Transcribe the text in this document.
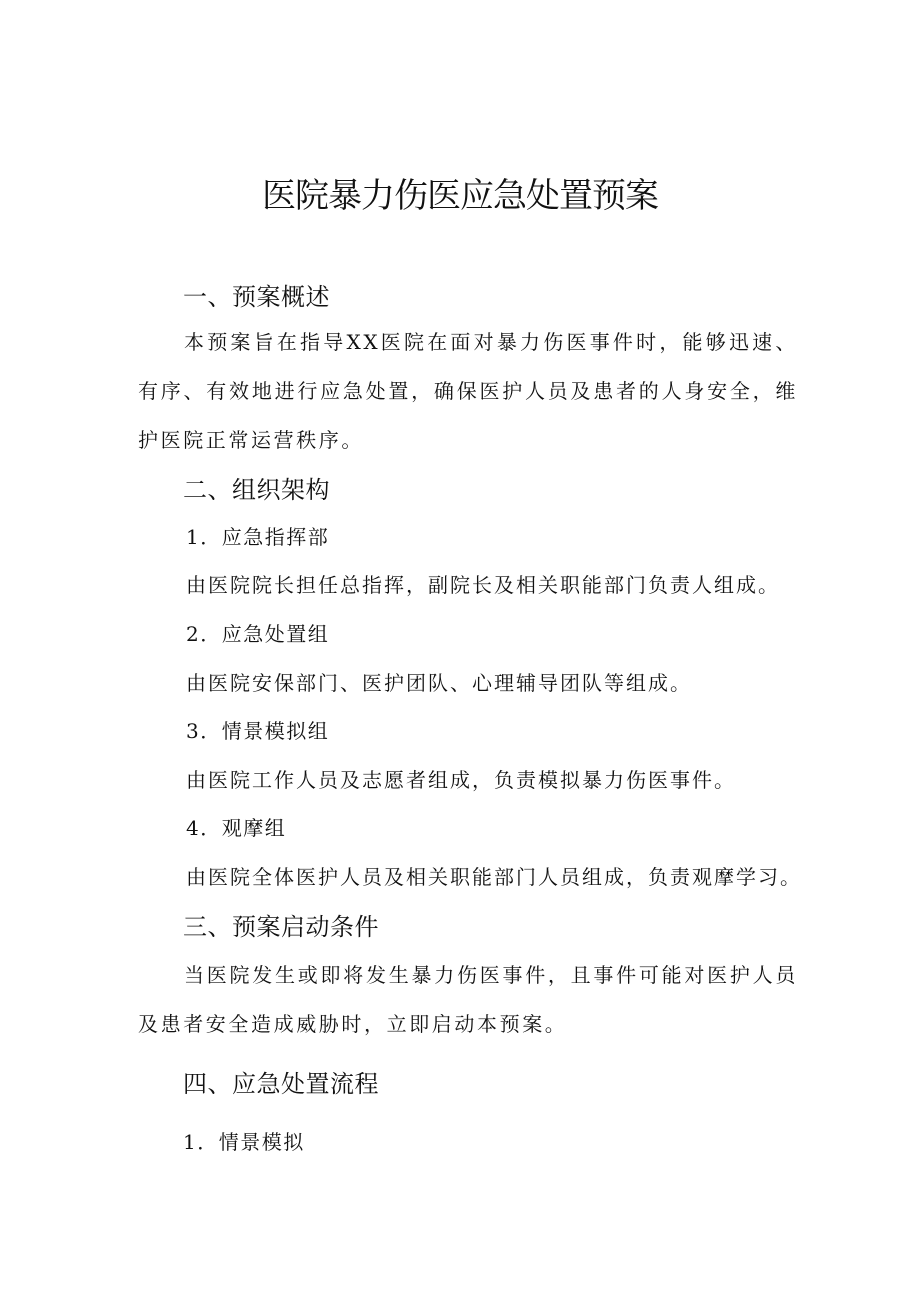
医院暴力伤医应急处置预案
一、预案概述

本预案旨在指导XX医院在面对暴力伤医事件时，能够迅速、有序、有效地进行应急处置，确保医护人员及患者的人身安全，维护医院正常运营秩序。

二、组织架构
1．应急指挥部
由医院院长担任总指挥，副院长及相关职能部门负责人组成。
2．应急处置组
由医院安保部门、医护团队、心理辅导团队等组成。
3．情景模拟组
由医院工作人员及志愿者组成，负责模拟暴力伤医事件。
4．观摩组
由医院全体医护人员及相关职能部门人员组成，负责观摩学习。
三、预案启动条件

当医院发生或即将发生暴力伤医事件，且事件可能对医护人员及患者安全造成威胁时，立即启动本预案。

四、应急处置流程
1．情景模拟
